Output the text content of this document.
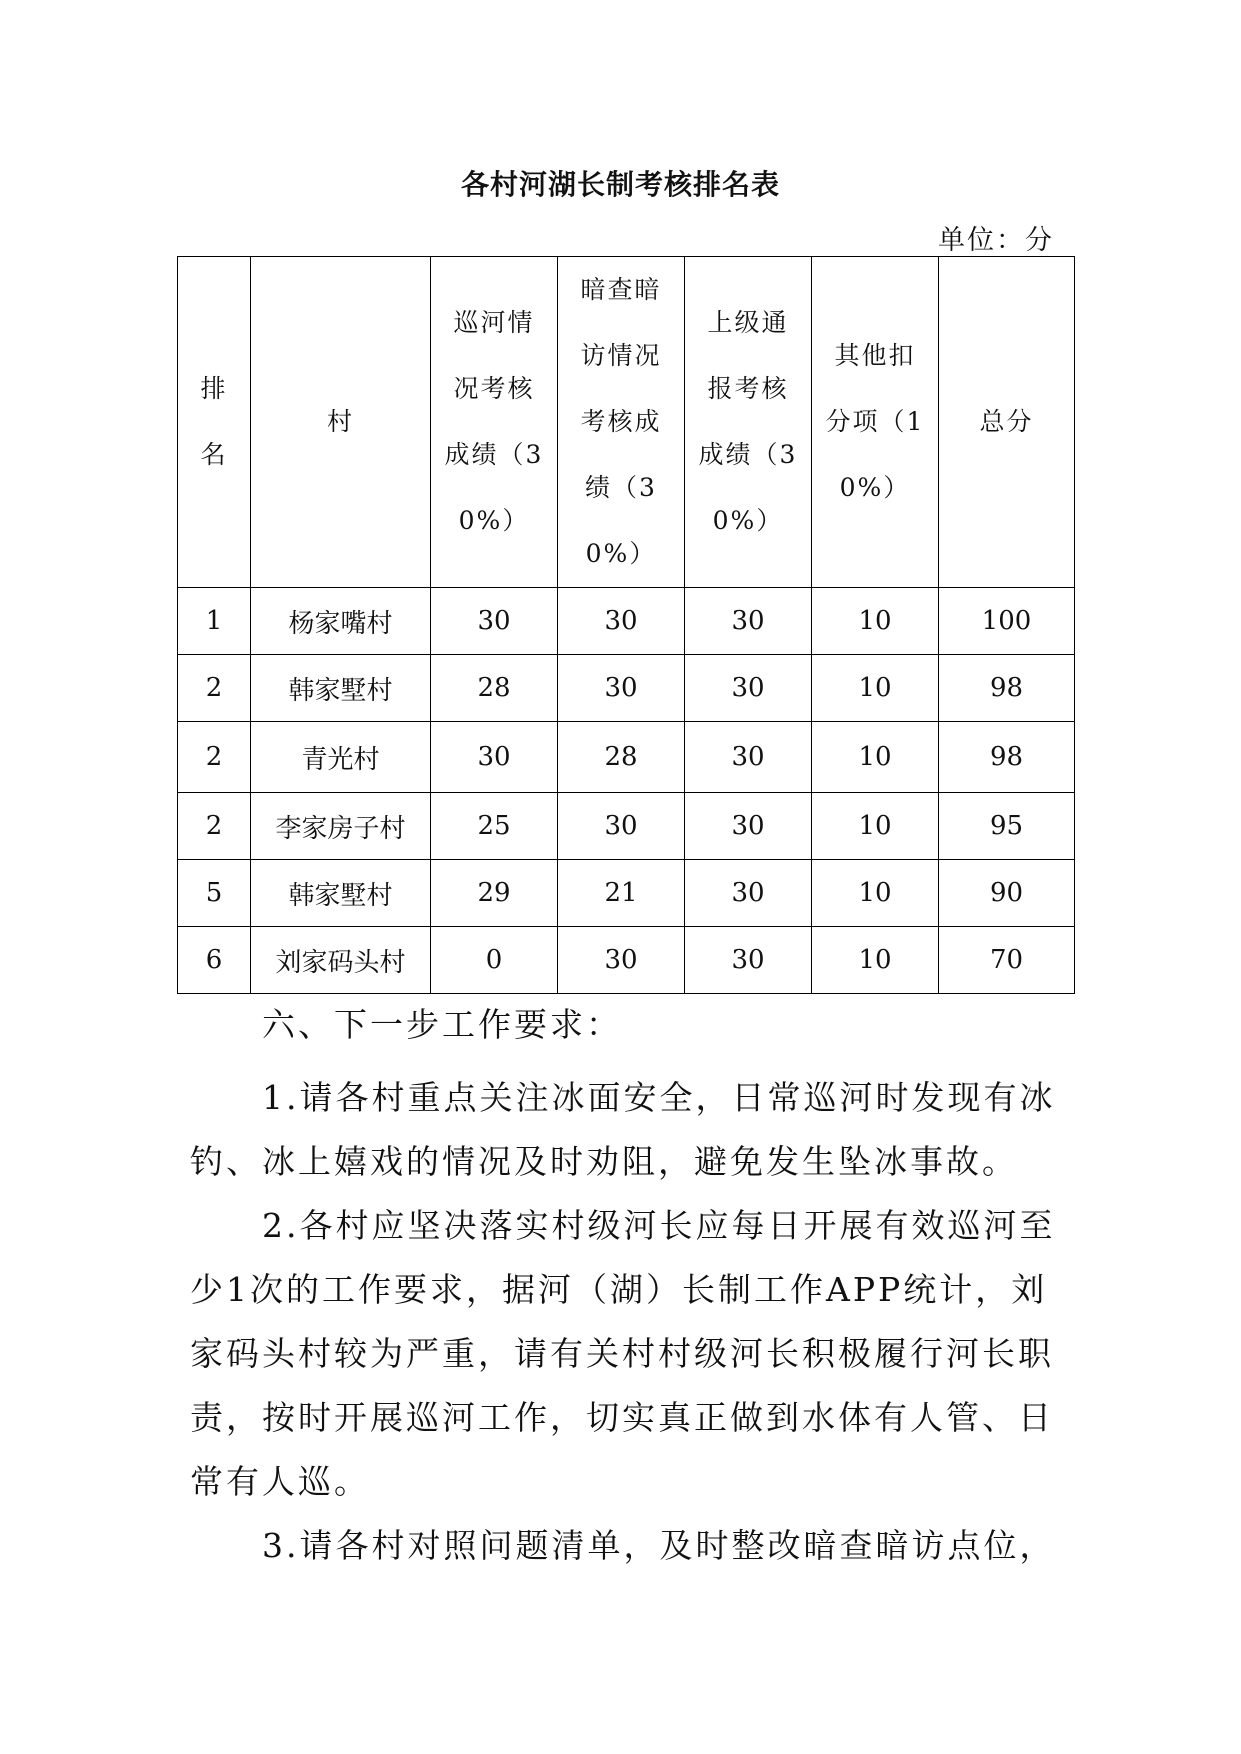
各村河湖长制考核排名表
单位：分
排名	村	巡河情况考核成绩（30%）	暗查暗访情况考核成绩（30%）	上级通报考核成绩（30%）	其他扣分项（10%）	总分
1	杨家嘴村	30	30	30	10	100
2	韩家墅村	28	30	30	10	98
2	青光村	30	28	30	10	98
2	李家房子村	25	30	30	10	95
5	韩家墅村	29	21	30	10	90
6	刘家码头村	0	30	30	10	70
六、下一步工作要求：

1.请各村重点关注冰面安全，日常巡河时发现有冰钓、冰上嬉戏的情况及时劝阻，避免发生坠冰事故。

2.各村应坚决落实村级河长应每日开展有效巡河至少1次的工作要求，据河（湖）长制工作APP统计，刘家码头村较为严重，请有关村村级河长积极履行河长职责，按时开展巡河工作，切实真正做到水体有人管、日常有人巡。

3.请各村对照问题清单，及时整改暗查暗访点位，
